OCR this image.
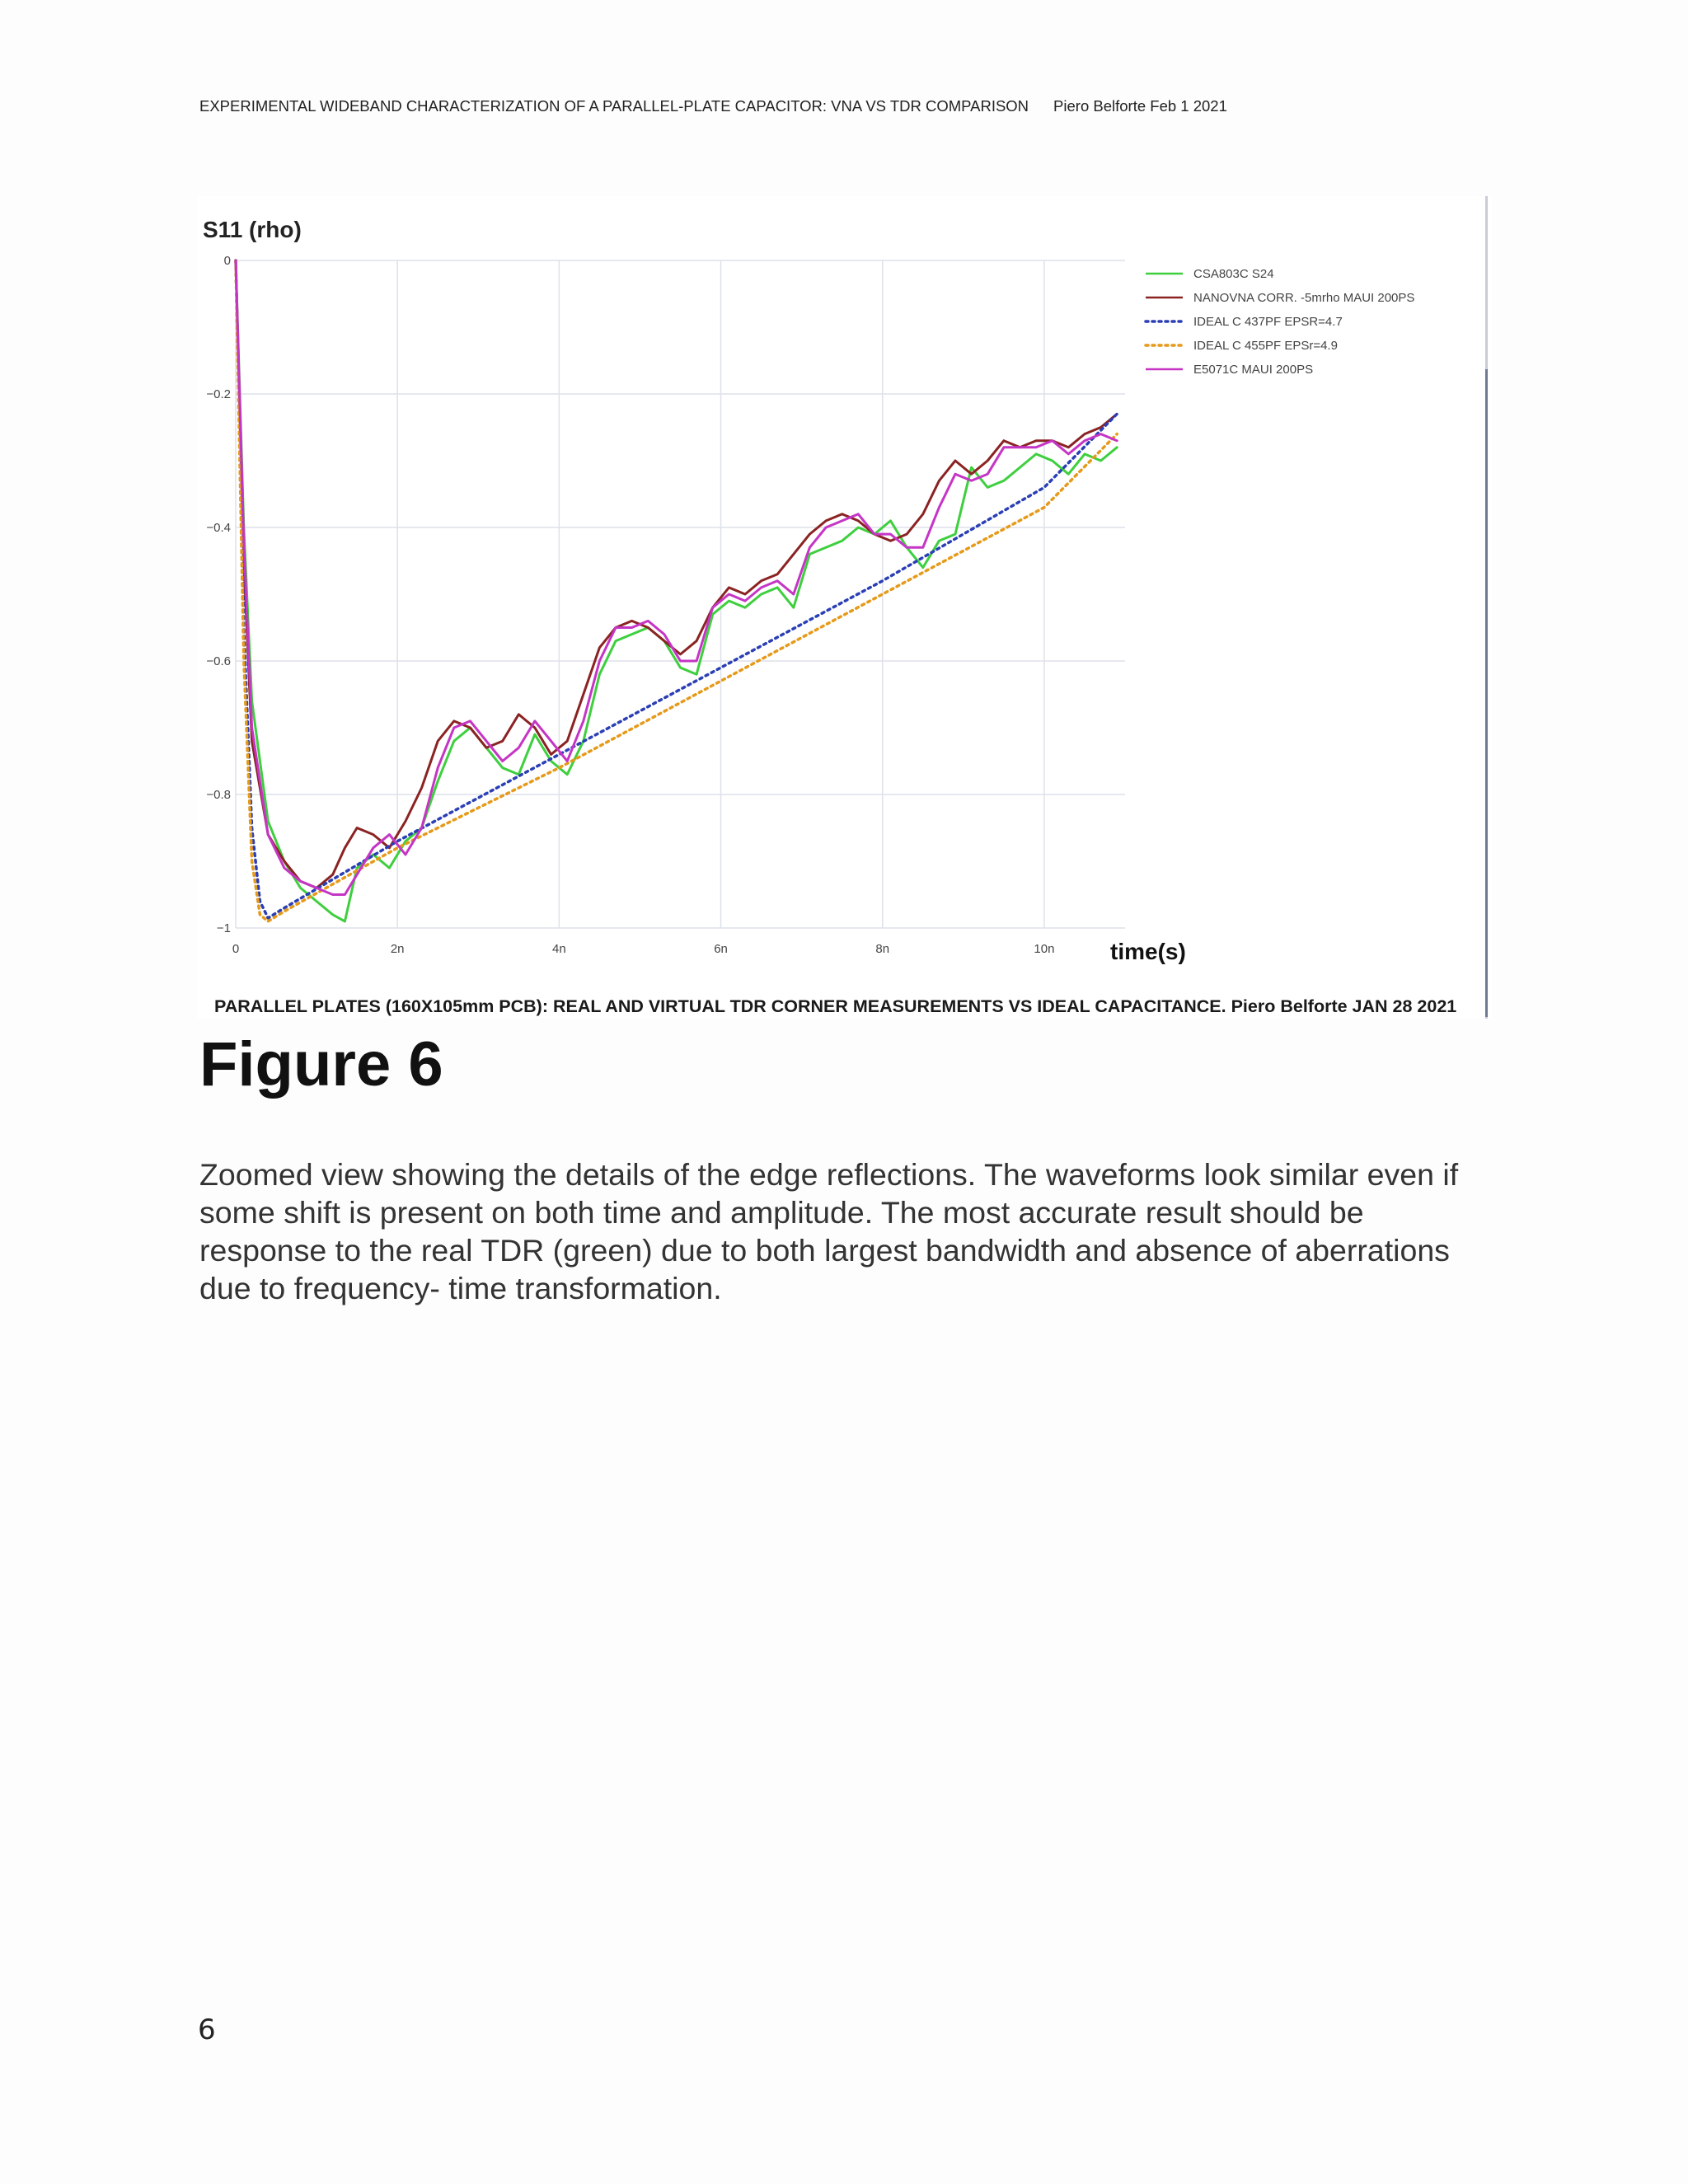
EXPERIMENTAL WIDEBAND CHARACTERIZATION OF A PARALLEL-PLATE CAPACITOR: VNA VS TDR COMPARISON Piero Belforte Feb 1 2021
0	2n	4n	6n	8n	10n
0
−0.2
−0.4
−0.6
−0.8
−1
CSA803C S24
NANOVNA CORR. -5mrho MAUI 200PS
IDEAL C 437PF EPSR=4.7
IDEAL C 455PF EPSr=4.9
E5071C MAUI 200PS
S11 (rho)
time(s)
PARALLEL PLATES (160X105mm PCB): REAL AND VIRTUAL TDR CORNER MEASUREMENTS VS IDEAL CAPACITANCE. Piero Belforte JAN 28 2021
Figure 6
Zoomed view showing the details of the edge reflections. The waveforms look similar even if some shift is present on both time and amplitude. The most accurate result should be response to the real TDR (green) due to both largest bandwidth and absence of aberrations due to frequency- time transformation.
6
